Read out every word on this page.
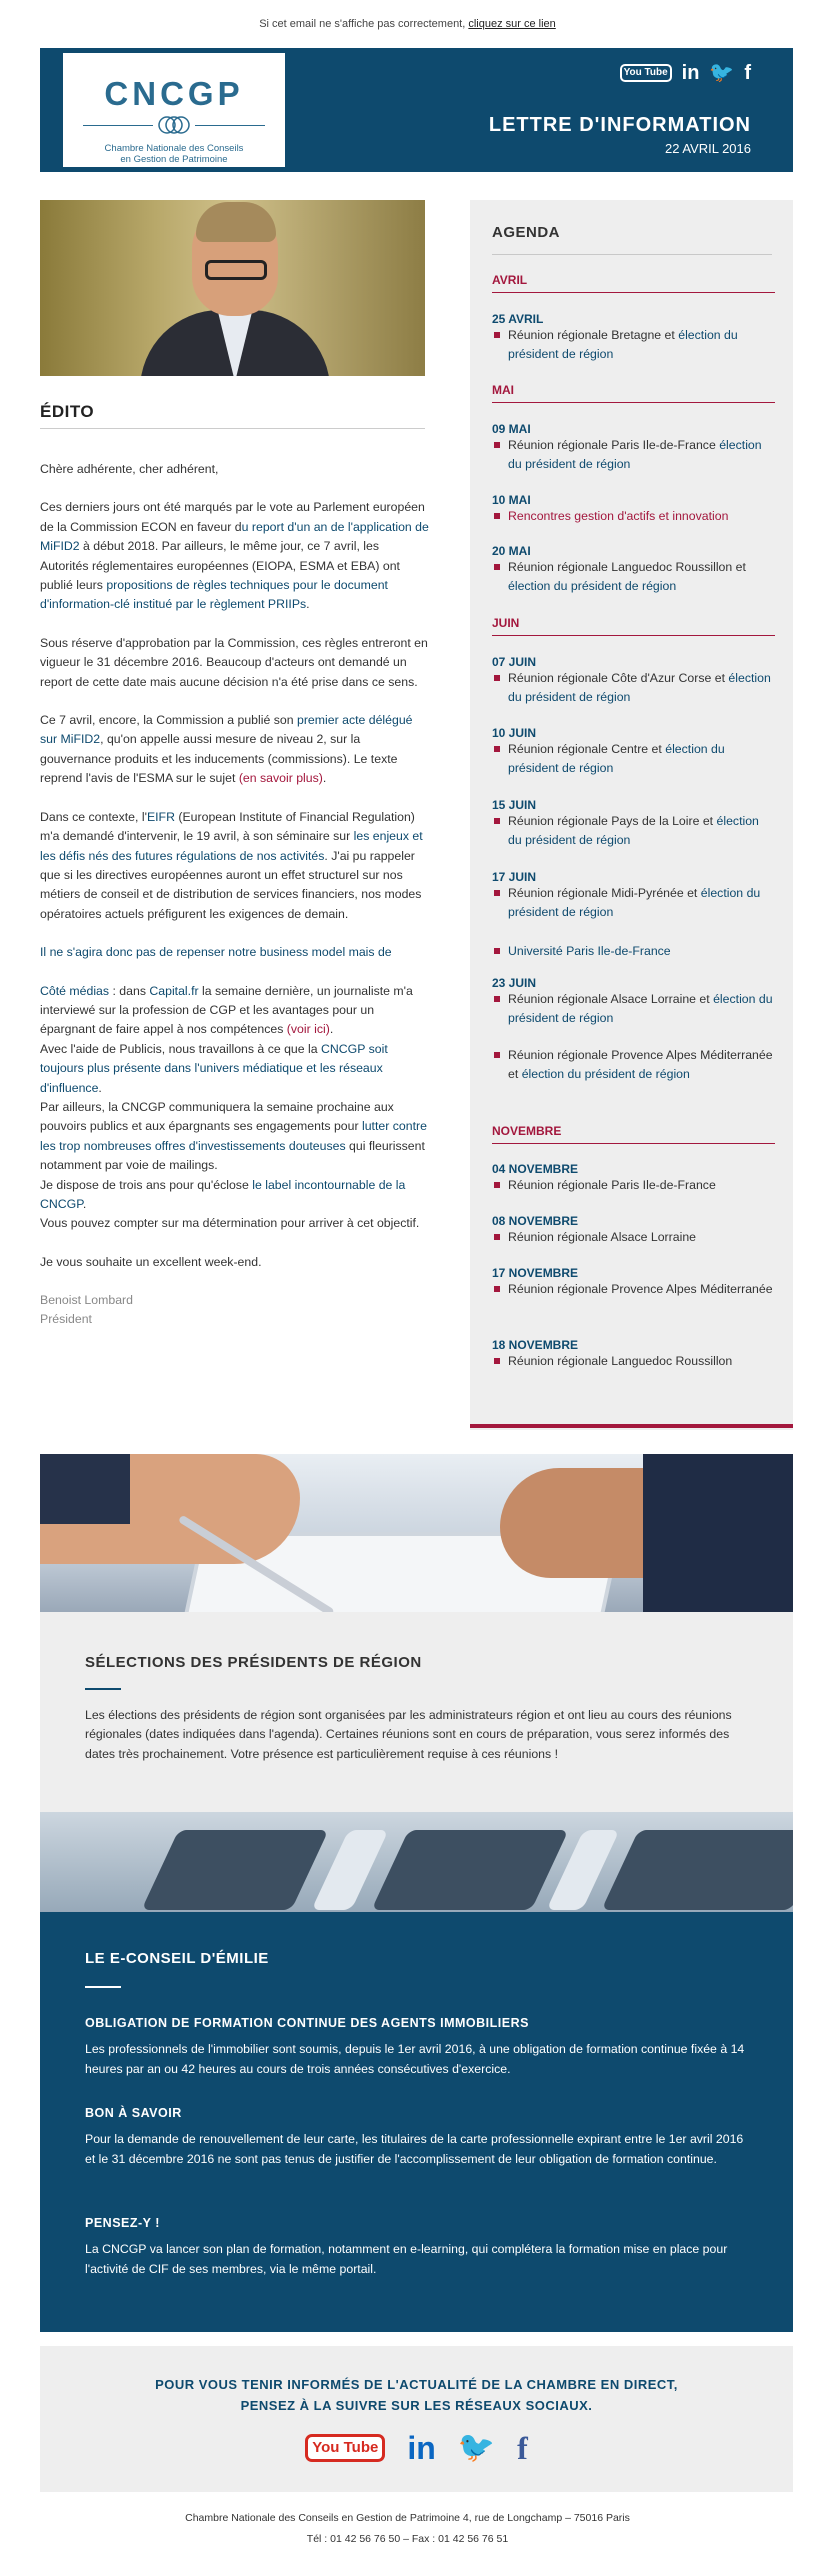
Si cet email ne s'affiche pas correctement, cliquez sur ce lien
CNCGP
Chambre Nationale des Conseils
en Gestion de Patrimoine
You Tube in 🐦 f
LETTRE D'INFORMATION
22 AVRIL 2016
ÉDITO

Chère adhérente, cher adhérent,

Ces derniers jours ont été marqués par le vote au Parlement européen de la Commission ECON en faveur du report d'un an de l'application de MiFID2 à début 2018. Par ailleurs, le même jour, ce 7 avril, les Autorités réglementaires européennes (EIOPA, ESMA et EBA) ont publié leurs propositions de règles techniques pour le document d'information-clé institué par le règlement PRIIPs.

Sous réserve d'approbation par la Commission, ces règles entreront en vigueur le 31 décembre 2016. Beaucoup d'acteurs ont demandé un report de cette date mais aucune décision n'a été prise dans ce sens.

Ce 7 avril, encore, la Commission a publié son premier acte délégué sur MiFID2, qu'on appelle aussi mesure de niveau 2, sur la gouvernance produits et les inducements (commissions). Le texte reprend l'avis de l'ESMA sur le sujet (en savoir plus).

Dans ce contexte, l'EIFR (European Institute of Financial Regulation) m'a demandé d'intervenir, le 19 avril, à son séminaire sur les enjeux et les défis nés des futures régulations de nos activités. J'ai pu rappeler que si les directives européennes auront un effet structurel sur nos métiers de conseil et de distribution de services financiers, nos modes opératoires actuels préfigurent les exigences de demain.

Il ne s'agira donc pas de repenser notre business model mais de

Côté médias : dans Capital.fr la semaine dernière, un journaliste m'a interviewé sur la profession de CGP et les avantages pour un épargnant de faire appel à nos compétences (voir ici).

Avec l'aide de Publicis, nous travaillons à ce que la CNCGP soit toujours plus présente dans l'univers médiatique et les réseaux d'influence.

Par ailleurs, la CNCGP communiquera la semaine prochaine aux pouvoirs publics et aux épargnants ses engagements pour lutter contre les trop nombreuses offres d'investissements douteuses qui fleurissent notamment par voie de mailings.

Je dispose de trois ans pour qu'éclose le label incontournable de la CNCGP.

Vous pouvez compter sur ma détermination pour arriver à cet objectif.

Je vous souhaite un excellent week-end.

Benoist Lombard
Président
AGENDA
AVRIL
25 AVRIL
Réunion régionale Bretagne et élection du président de région
MAI
09 MAI
Réunion régionale Paris Ile-de-France élection du président de région
10 MAI
Rencontres gestion d'actifs et innovation
20 MAI
Réunion régionale Languedoc Roussillon et élection du président de région
JUIN
07 JUIN
Réunion régionale Côte d'Azur Corse et élection du président de région
10 JUIN
Réunion régionale Centre et élection du président de région
15 JUIN
Réunion régionale Pays de la Loire et élection du président de région
17 JUIN
Réunion régionale Midi-Pyrénée et élection du président de région
Université Paris Ile-de-France
23 JUIN
Réunion régionale Alsace Lorraine et élection du président de région
Réunion régionale Provence Alpes Méditerranée et élection du président de région
NOVEMBRE
04 NOVEMBRE
Réunion régionale Paris Ile-de-France
08 NOVEMBRE
Réunion régionale Alsace Lorraine
17 NOVEMBRE
Réunion régionale Provence Alpes Méditerranée
18 NOVEMBRE
Réunion régionale Languedoc Roussillon
SÉLECTIONS DES PRÉSIDENTS DE RÉGION
Les élections des présidents de région sont organisées par les administrateurs région et ont lieu au cours des réunions régionales (dates indiquées dans l'agenda). Certaines réunions sont en cours de préparation, vous serez informés des dates très prochainement. Votre présence est particulièrement requise à ces réunions !
LE E-CONSEIL D'ÉMILIE
OBLIGATION DE FORMATION CONTINUE DES AGENTS IMMOBILIERS
Les professionnels de l'immobilier sont soumis, depuis le 1er avril 2016, à une obligation de formation continue fixée à 14 heures par an ou 42 heures au cours de trois années consécutives d'exercice.
BON À SAVOIR
Pour la demande de renouvellement de leur carte, les titulaires de la carte professionnelle expirant entre le 1er avril 2016 et le 31 décembre 2016 ne sont pas tenus de justifier de l'accomplissement de leur obligation de formation continue.
PENSEZ-Y !
La CNCGP va lancer son plan de formation, notamment en e-learning, qui complétera la formation mise en place pour l'activité de CIF de ses membres, via le même portail.
POUR VOUS TENIR INFORMÉS DE L'ACTUALITÉ DE LA CHAMBRE EN DIRECT,
PENSEZ À LA SUIVRE SUR LES RÉSEAUX SOCIAUX.
You Tube in 🐦 f
Chambre Nationale des Conseils en Gestion de Patrimoine 4, rue de Longchamp – 75016 Paris
Tél : 01 42 56 76 50 – Fax : 01 42 56 76 51
